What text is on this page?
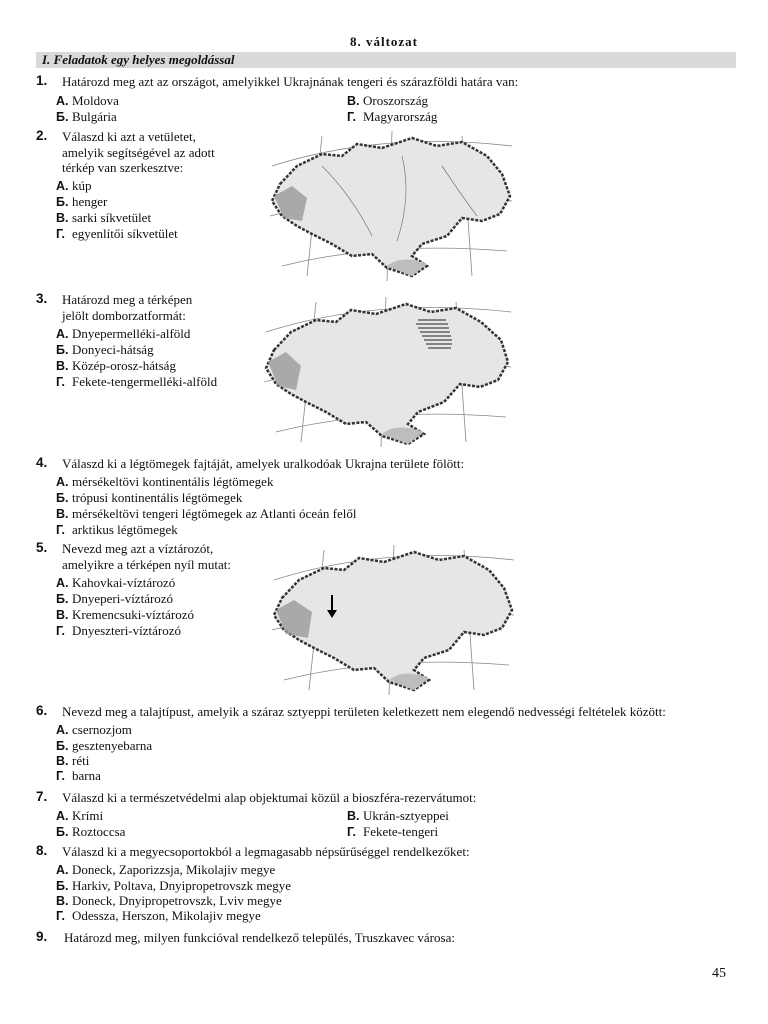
8. változat
I. Feladatok egy helyes megoldással
1. Határozd meg azt az országot, amelyikkel Ukrajnának tengeri és szárazföldi határa van:
А. Moldova
Б. Bulgária
В. Oroszország
Г. Magyarország
2. Válaszd ki azt a vetületet,
amelyik segítségével az adott
térkép van szerkesztve:
А. kúp
Б. henger
В. sarki síkvetület
Г. egyenlítői síkvetület
3. Határozd meg a térképen
jelölt domborzatformát:
А. Dnyepermelléki-alföld
Б. Donyeci-hátság
В. Közép-orosz-hátság
Г. Fekete-tengermelléki-alföld
4. Válaszd ki a légtömegek fajtáját, amelyek uralkodóak Ukrajna területe fölött:
А. mérsékeltövi kontinentális légtömegek
Б. trópusi kontinentális légtömegek
В. mérsékeltövi tengeri légtömegek az Atlanti óceán felől
Г. arktikus légtömegek
5. Nevezd meg azt a víztározót,
amelyikre a térképen nyíl mutat:
А. Kahovkai-víztározó
Б. Dnyeperi-víztározó
В. Kremencsuki-víztározó
Г. Dnyeszteri-víztározó
6. Nevezd meg a talajtípust, amelyik a száraz sztyeppi területen keletkezett nem elegendő nedvességi feltételek között:
А. csernozjom
Б. gesztenyebarna
В. réti
Г. barna
7. Válaszd ki a természetvédelmi alap objektumai közül a bioszféra-rezervátumot:
А. Krími
Б. Roztoccsa
В. Ukrán-sztyeppei
Г. Fekete-tengeri
8. Válaszd ki a megyecsoportokból a legmagasabb népsűrűséggel rendelkezőket:
А. Doneck, Zaporizzsja, Mikolajiv megye
Б. Harkiv, Poltava, Dnyipropetrovszk megye
В. Doneck, Dnyipropetrovszk, Lviv megye
Г. Odessza, Herszon, Mikolajiv megye
9. Határozd meg, milyen funkcióval rendelkező település, Truszkavec városa:
45
